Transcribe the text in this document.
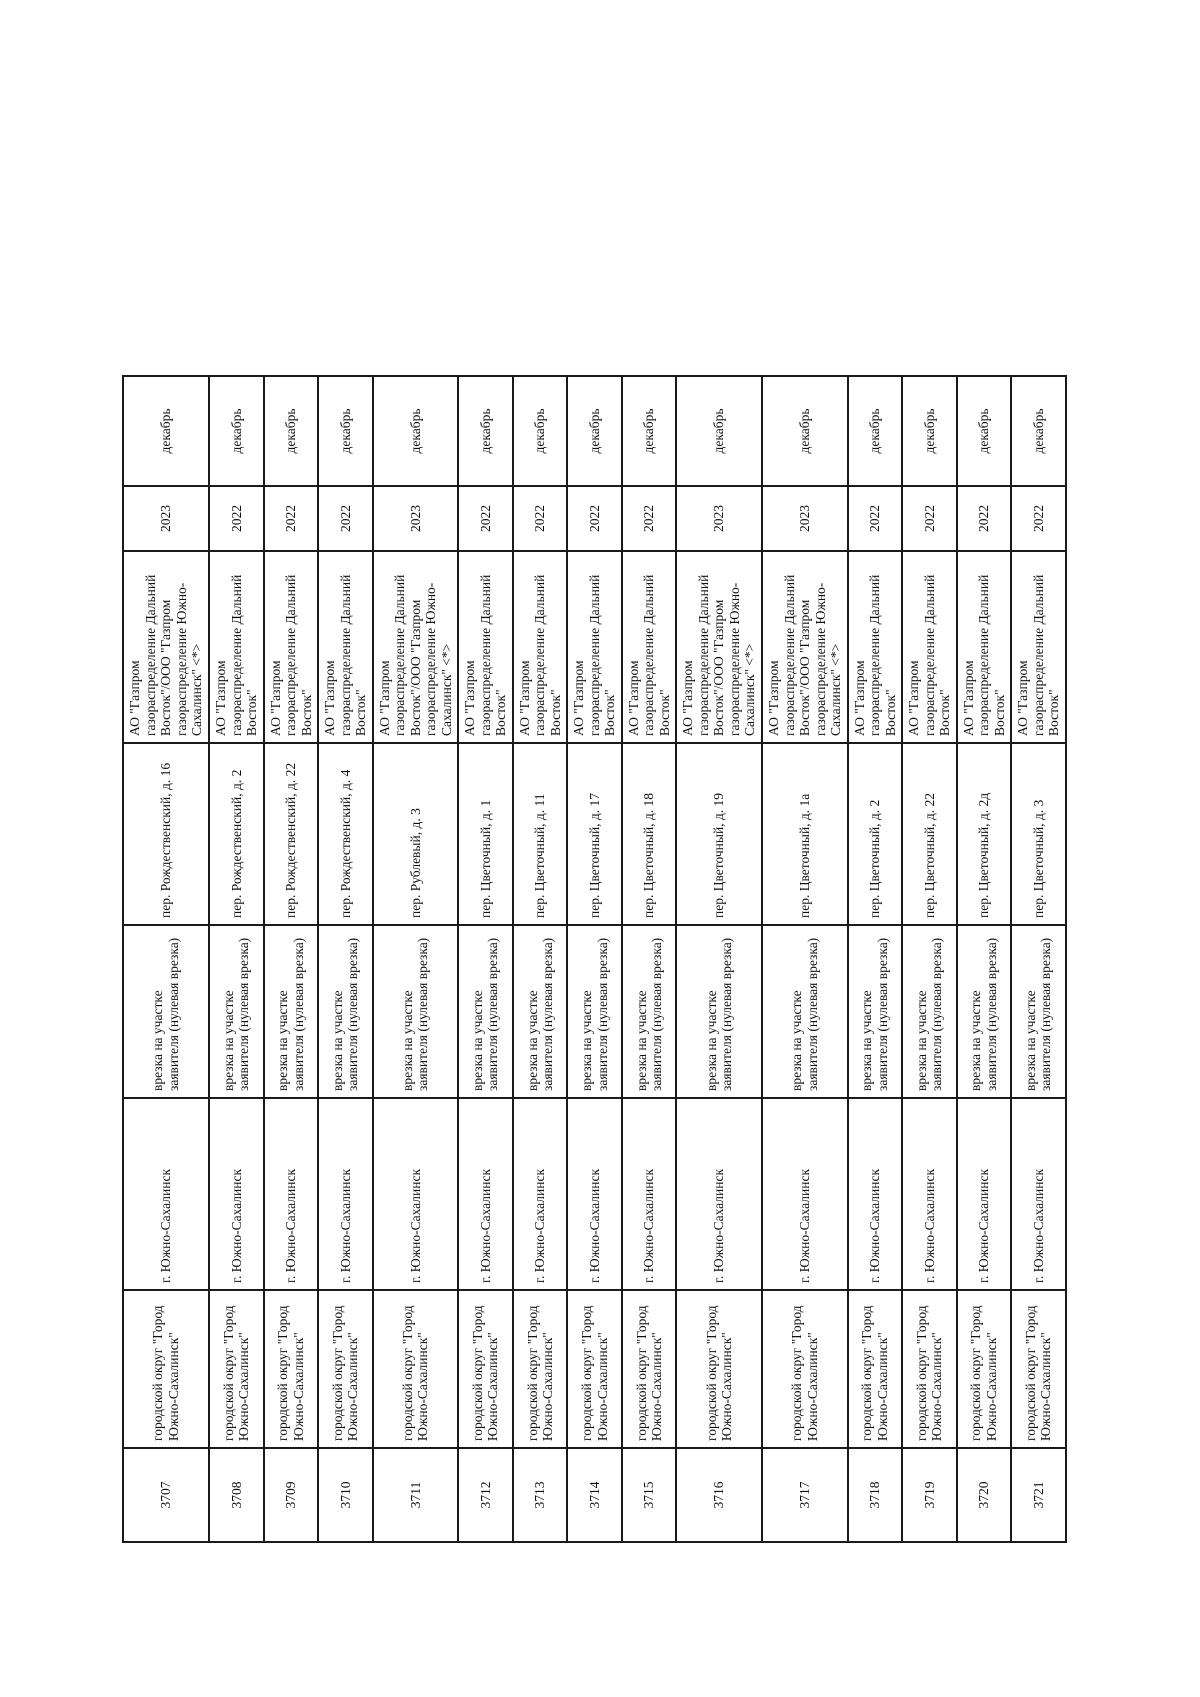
3707	городской округ "Город Южно-Сахалинск"	г. Южно-Сахалинск	врезка на участке заявителя (нулевая врезка)	пер. Рождественский, д. 16	АО "Газпром газораспределение Дальний Восток"/ООО "Газпром газораспределение Южно-Сахалинск" <*>	2023	декабрь
3708	городской округ "Город Южно-Сахалинск"	г. Южно-Сахалинск	врезка на участке заявителя (нулевая врезка)	пер. Рождественский, д. 2	АО "Газпром газораспределение Дальний Восток"	2022	декабрь
3709	городской округ "Город Южно-Сахалинск"	г. Южно-Сахалинск	врезка на участке заявителя (нулевая врезка)	пер. Рождественский, д. 22	АО "Газпром газораспределение Дальний Восток"	2022	декабрь
3710	городской округ "Город Южно-Сахалинск"	г. Южно-Сахалинск	врезка на участке заявителя (нулевая врезка)	пер. Рождественский, д. 4	АО "Газпром газораспределение Дальний Восток"	2022	декабрь
3711	городской округ "Город Южно-Сахалинск"	г. Южно-Сахалинск	врезка на участке заявителя (нулевая врезка)	пер. Рублевый, д. 3	АО "Газпром газораспределение Дальний Восток"/ООО "Газпром газораспределение Южно-Сахалинск" <*>	2023	декабрь
3712	городской округ "Город Южно-Сахалинск"	г. Южно-Сахалинск	врезка на участке заявителя (нулевая врезка)	пер. Цветочный, д. 1	АО "Газпром газораспределение Дальний Восток"	2022	декабрь
3713	городской округ "Город Южно-Сахалинск"	г. Южно-Сахалинск	врезка на участке заявителя (нулевая врезка)	пер. Цветочный, д. 11	АО "Газпром газораспределение Дальний Восток"	2022	декабрь
3714	городской округ "Город Южно-Сахалинск"	г. Южно-Сахалинск	врезка на участке заявителя (нулевая врезка)	пер. Цветочный, д. 17	АО "Газпром газораспределение Дальний Восток"	2022	декабрь
3715	городской округ "Город Южно-Сахалинск"	г. Южно-Сахалинск	врезка на участке заявителя (нулевая врезка)	пер. Цветочный, д. 18	АО "Газпром газораспределение Дальний Восток"	2022	декабрь
3716	городской округ "Город Южно-Сахалинск"	г. Южно-Сахалинск	врезка на участке заявителя (нулевая врезка)	пер. Цветочный, д. 19	АО "Газпром газораспределение Дальний Восток"/ООО "Газпром газораспределение Южно-Сахалинск" <*>	2023	декабрь
3717	городской округ "Город Южно-Сахалинск"	г. Южно-Сахалинск	врезка на участке заявителя (нулевая врезка)	пер. Цветочный, д. 1а	АО "Газпром газораспределение Дальний Восток"/ООО "Газпром газораспределение Южно-Сахалинск" <*>	2023	декабрь
3718	городской округ "Город Южно-Сахалинск"	г. Южно-Сахалинск	врезка на участке заявителя (нулевая врезка)	пер. Цветочный, д. 2	АО "Газпром газораспределение Дальний Восток"	2022	декабрь
3719	городской округ "Город Южно-Сахалинск"	г. Южно-Сахалинск	врезка на участке заявителя (нулевая врезка)	пер. Цветочный, д. 22	АО "Газпром газораспределение Дальний Восток"	2022	декабрь
3720	городской округ "Город Южно-Сахалинск"	г. Южно-Сахалинск	врезка на участке заявителя (нулевая врезка)	пер. Цветочный, д. 2д	АО "Газпром газораспределение Дальний Восток"	2022	декабрь
3721	городской округ "Город Южно-Сахалинск"	г. Южно-Сахалинск	врезка на участке заявителя (нулевая врезка)	пер. Цветочный, д. 3	АО "Газпром газораспределение Дальний Восток"	2022	декабрь
